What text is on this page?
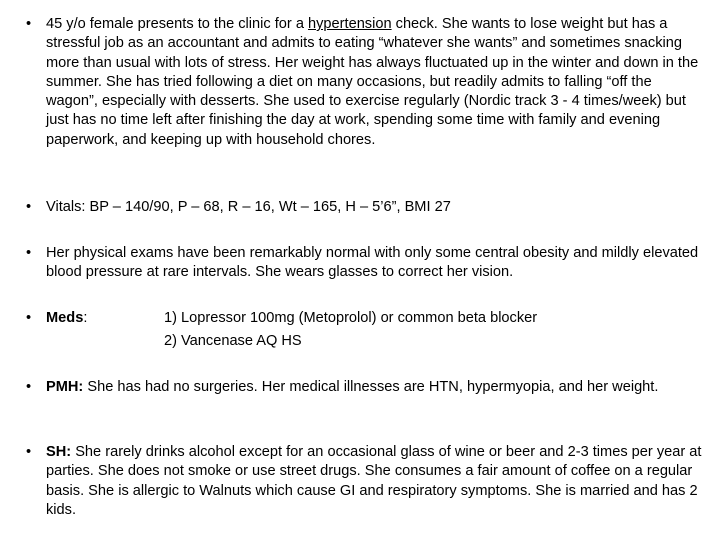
• 45 y/o female presents to the clinic for a hypertension check. She wants to lose weight but has a stressful job as an accountant and admits to eating “whatever she wants” and sometimes snacking more than usual with lots of stress. Her weight has always fluctuated up in the winter and down in the summer. She has tried following a diet on many occasions, but readily admits to falling “off the wagon”, especially with desserts. She used to exercise regularly (Nordic track 3 - 4 times/week) but just has no time left after finishing the day at work, spending some time with family and evening paperwork, and keeping up with household chores.

• Vitals: BP – 140/90, P – 68, R – 16, Wt – 165, H – 5’6”, BMI 27

• Her physical exams have been remarkably normal with only some central obesity and mildly elevated blood pressure at rare intervals. She wears glasses to correct her vision.

• Meds:	1) Lopressor 100mg (Metoprolol) or common beta blocker
2) Vancenase AQ HS
• PMH: She has had no surgeries. Her medical illnesses are HTN, hypermyopia, and her weight.

• SH: She rarely drinks alcohol except for an occasional glass of wine or beer and 2-3 times per year at parties. She does not smoke or use street drugs. She consumes a fair amount of coffee on a regular basis. She is allergic to Walnuts which cause GI and respiratory symptoms. She is married and has 2 kids.
